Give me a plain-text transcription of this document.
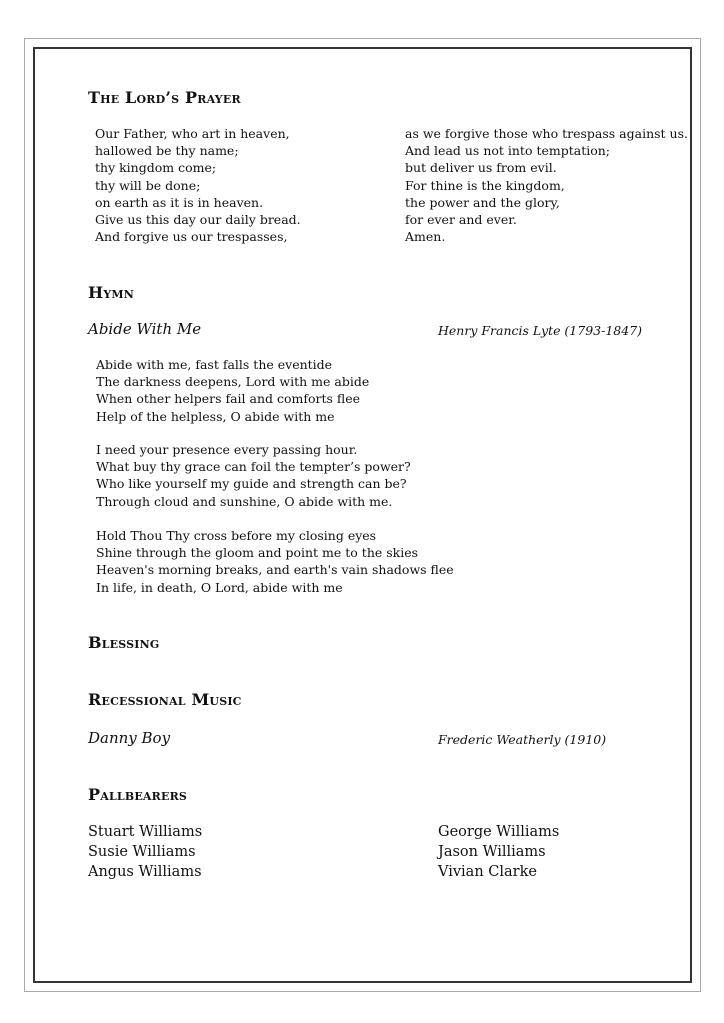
The Lord’s Prayer
Our Father, who art in heaven,
hallowed be thy name;
thy kingdom come;
thy will be done;
on earth as it is in heaven.
Give us this day our daily bread.
And forgive us our trespasses,
as we forgive those who trespass against us.
And lead us not into temptation;
but deliver us from evil.
For thine is the kingdom,
the power and the glory,
for ever and ever.
Amen.
Hymn
Abide With Me	Henry Francis Lyte (1793-1847)
Abide with me, fast falls the eventide
The darkness deepens, Lord with me abide
When other helpers fail and comforts flee
Help of the helpless, O abide with me
I need your presence every passing hour.
What buy thy grace can foil the tempter’s power?
Who like yourself my guide and strength can be?
Through cloud and sunshine, O abide with me.
Hold Thou Thy cross before my closing eyes
Shine through the gloom and point me to the skies
Heaven's morning breaks, and earth's vain shadows flee
In life, in death, O Lord, abide with me
Blessing
Recessional Music
Danny Boy	Frederic Weatherly (1910)
Pallbearers
Stuart Williams
Susie Williams
Angus Williams
George Williams
Jason Williams
Vivian Clarke
